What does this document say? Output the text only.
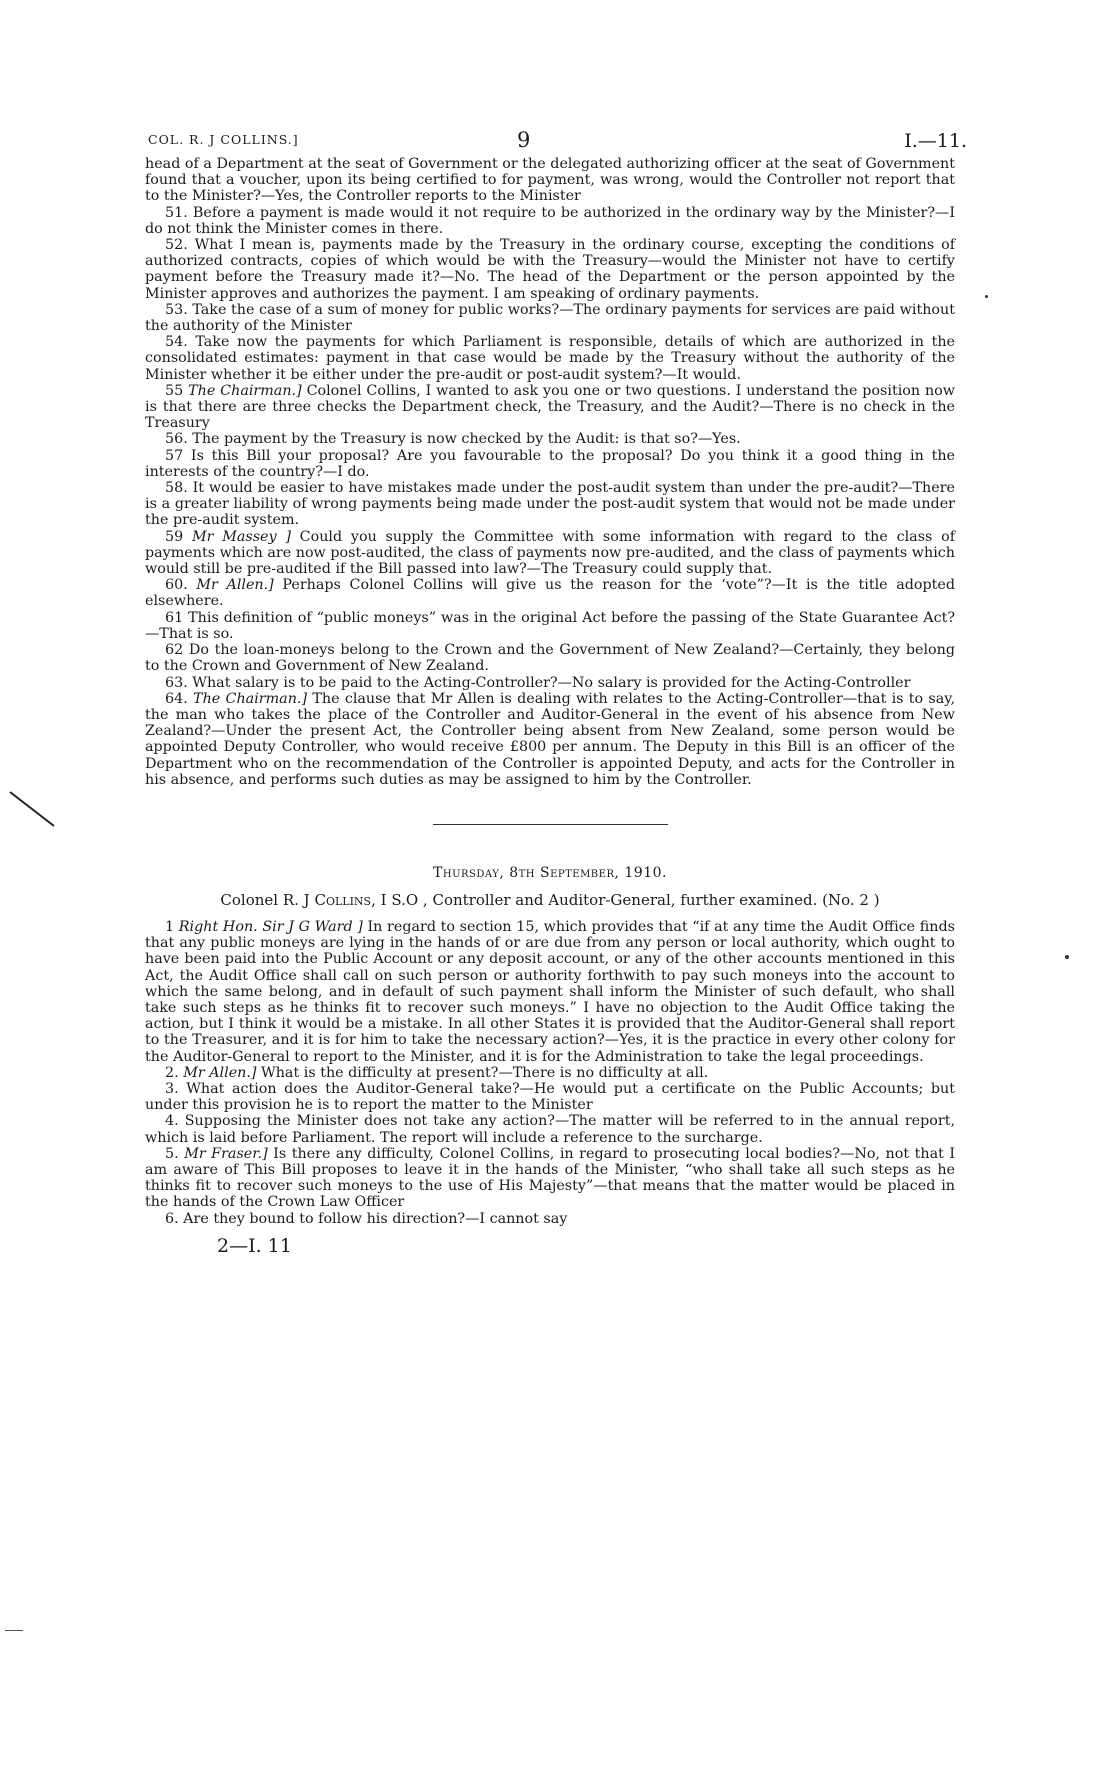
COL. R. J COLLINS.]	9	I.—11.

head of a Department at the seat of Government or the delegated authorizing officer at the seat of Government found that a voucher, upon its being certified to for payment, was wrong, would the Controller not report that to the Minister?—Yes, the Controller reports to the Minister

51. Before a payment is made would it not require to be authorized in the ordinary way by the Minister?—I do not think the Minister comes in there.

52. What I mean is, payments made by the Treasury in the ordinary course, excepting the conditions of authorized contracts, copies of which would be with the Treasury—would the Minister not have to certify payment before the Treasury made it?—No. The head of the Department or the person appointed by the Minister approves and authorizes the payment. I am speaking of ordinary payments.

53. Take the case of a sum of money for public works?—The ordinary payments for services are paid without the authority of the Minister

54. Take now the payments for which Parliament is responsible, details of which are authorized in the consolidated estimates: payment in that case would be made by the Treasury without the authority of the Minister whether it be either under the pre-audit or post-audit system?—It would.

55 The Chairman.] Colonel Collins, I wanted to ask you one or two questions. I understand the position now is that there are three checks the Department check, the Treasury, and the Audit?—There is no check in the Treasury

56. The payment by the Treasury is now checked by the Audit: is that so?—Yes.

57 Is this Bill your proposal? Are you favourable to the proposal? Do you think it a good thing in the interests of the country?—I do.

58. It would be easier to have mistakes made under the post-audit system than under the pre-audit?—There is a greater liability of wrong payments being made under the post-audit system that would not be made under the pre-audit system.

59 Mr Massey ] Could you supply the Committee with some information with regard to the class of payments which are now post-audited, the class of payments now pre-audited, and the class of payments which would still be pre-audited if the Bill passed into law?—The Treasury could supply that.

60. Mr Allen.] Perhaps Colonel Collins will give us the reason for the ‘vote”?—It is the title adopted elsewhere.

61 This definition of “public moneys” was in the original Act before the passing of the State Guarantee Act?—That is so.

62 Do the loan-moneys belong to the Crown and the Government of New Zealand?—Certainly, they belong to the Crown and Government of New Zealand.

63. What salary is to be paid to the Acting-Controller?—No salary is provided for the Acting-Controller

64. The Chairman.] The clause that Mr Allen is dealing with relates to the Acting-Controller—that is to say, the man who takes the place of the Controller and Auditor-General in the event of his absence from New Zealand?—Under the present Act, the Controller being absent from New Zealand, some person would be appointed Deputy Controller, who would receive £800 per annum. The Deputy in this Bill is an officer of the Department who on the recommendation of the Controller is appointed Deputy, and acts for the Controller in his absence, and performs such duties as may be assigned to him by the Controller.

Thursday, 8th September, 1910.
Colonel R. J Collins, I S.O , Controller and Auditor-General, further examined. (No. 2 )

1 Right Hon. Sir J G Ward ] In regard to section 15, which provides that “if at any time the Audit Office finds that any public moneys are lying in the hands of or are due from any person or local authority, which ought to have been paid into the Public Account or any deposit account, or any of the other accounts mentioned in this Act, the Audit Office shall call on such person or authority forthwith to pay such moneys into the account to which the same belong, and in default of such payment shall inform the Minister of such default, who shall take such steps as he thinks fit to recover such moneys.” I have no objection to the Audit Office taking the action, but I think it would be a mistake. In all other States it is provided that the Auditor-General shall report to the Treasurer, and it is for him to take the necessary action?—Yes, it is the practice in every other colony for the Auditor-General to report to the Minister, and it is for the Administration to take the legal proceedings.

2. Mr Allen.] What is the difficulty at present?—There is no difficulty at all.

3. What action does the Auditor-General take?—He would put a certificate on the Public Accounts; but under this provision he is to report the matter to the Minister

4. Supposing the Minister does not take any action?—The matter will be referred to in the annual report, which is laid before Parliament. The report will include a reference to the surcharge.

5. Mr Fraser.] Is there any difficulty, Colonel Collins, in regard to prosecuting local bodies?—No, not that I am aware of This Bill proposes to leave it in the hands of the Minister, “who shall take all such steps as he thinks fit to recover such moneys to the use of His Majesty”—that means that the matter would be placed in the hands of the Crown Law Officer

6. Are they bound to follow his direction?—I cannot say

2—I. 11
